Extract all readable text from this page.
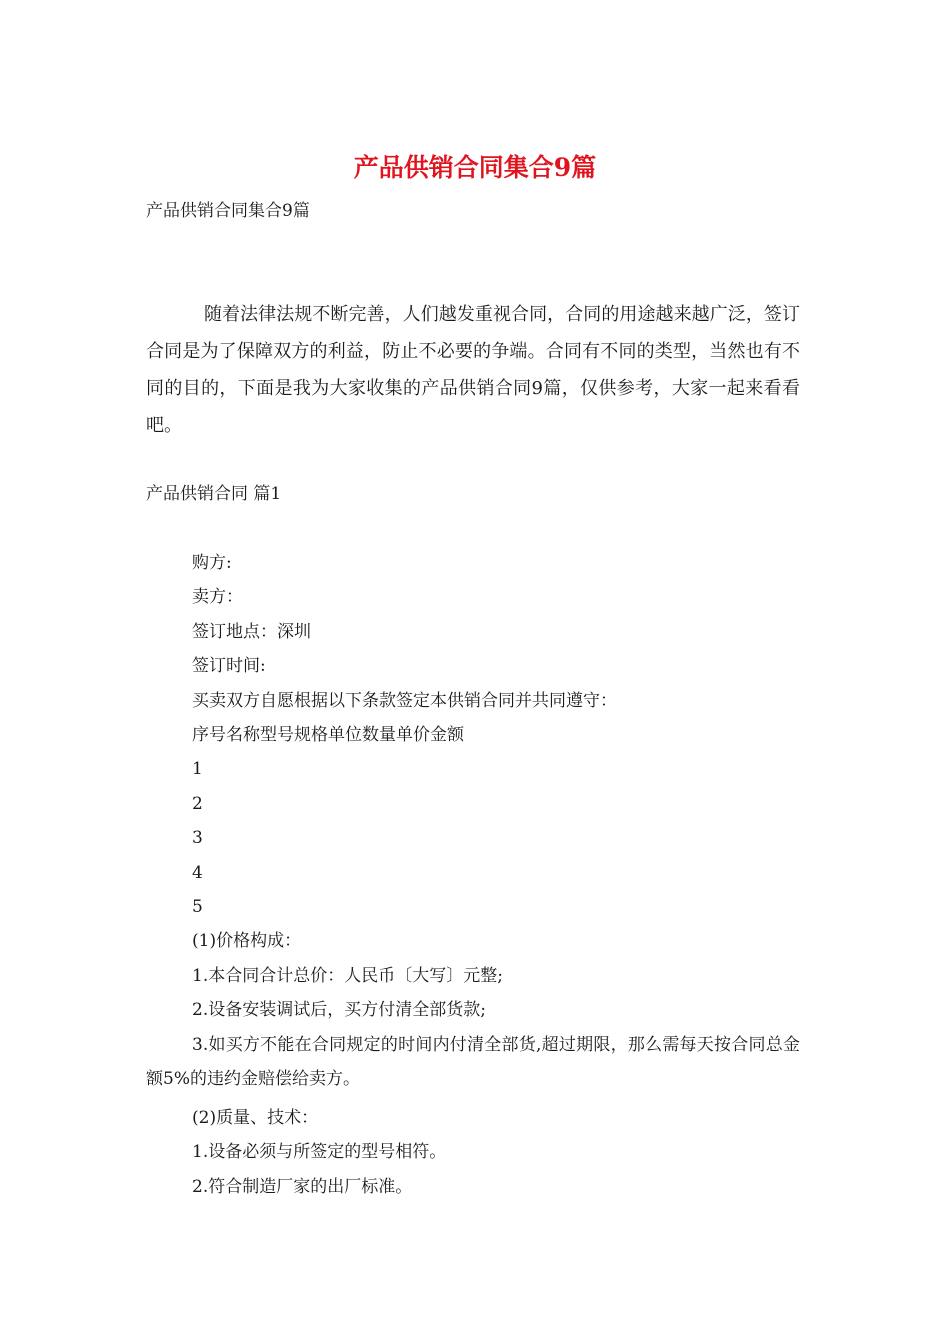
产品供销合同集合9篇

产品供销合同集合9篇

随着法律法规不断完善，人们越发重视合同，合同的用途越来越广泛，签订合同是为了保障双方的利益，防止不必要的争端。合同有不同的类型，当然也有不同的目的，下面是我为大家收集的产品供销合同9篇，仅供参考，大家一起来看看吧。

产品供销合同 篇1

购方:
卖方：
签订地点：深圳
签订时间:
买卖双方自愿根据以下条款签定本供销合同并共同遵守：
序号名称型号规格单位数量单价金额
1
2
3
4
5
(1)价格构成：
1.本合同合计总价：人民币〔大写〕元整;
2.设备安装调试后，买方付清全部货款;

3.如买方不能在合同规定的时间内付清全部货,超过期限，那么需每天按合同总金额5%的违约金赔偿给卖方。

(2)质量、技术：
1.设备必须与所签定的型号相符。
2.符合制造厂家的出厂标准。
